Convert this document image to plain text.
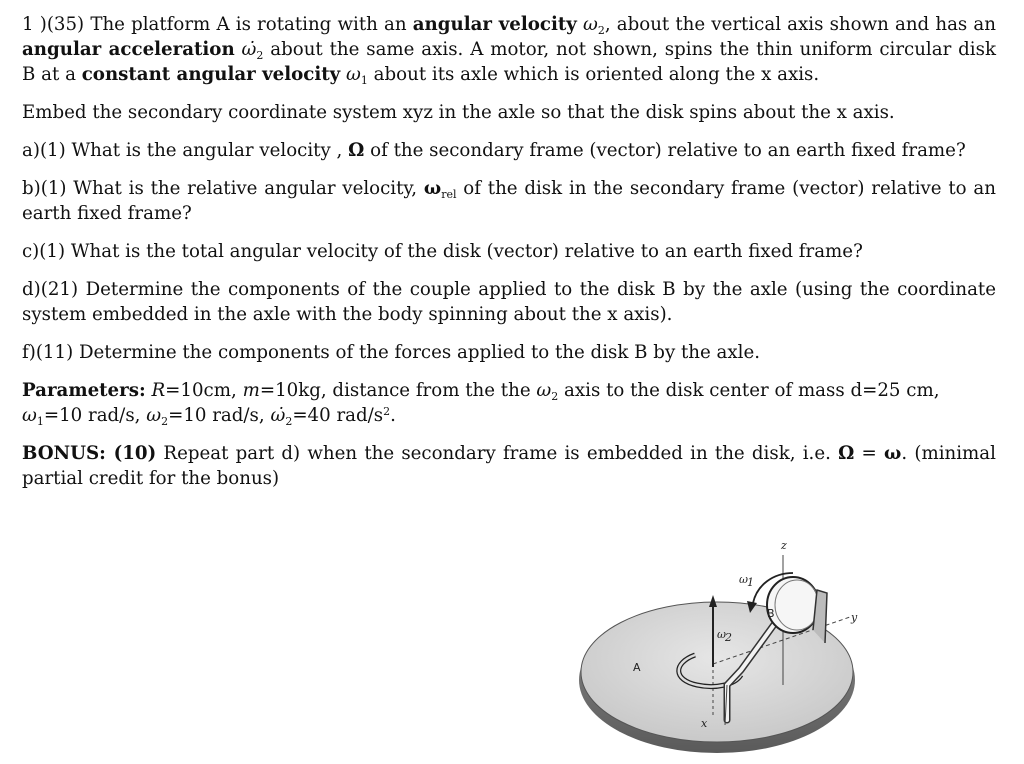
1 )(35) The platform A is rotating with an angular velocity $\omega_2$, about the vertical axis shown and has an angular acceleration $\omegȧ_2$ about the same axis. A motor, not shown, spins the thin uniform circular disk B at a constant angular velocity $\omega_1$ about its axle which is oriented along the x axis.

Embed the secondary coordinate system xyz in the axle so that the disk spins about the x axis.

a)(1) What is the angular velocity , Ω of the secondary frame (vector) relative to an earth fixed frame?

b)(1) What is the relative angular velocity, $\omega_{rel}$ of the disk in the secondary frame (vector) relative to an earth fixed frame?

c)(1) What is the total angular velocity of the disk (vector) relative to an earth fixed frame?

d)(21) Determine the components of the couple applied to the disk B by the axle (using the coordinate system embedded in the axle with the body spinning about the x axis).

f)(11) Determine the components of the forces applied to the disk B by the axle.

Parameters: R=10cm, m=10kg, distance from the the $\omega_2$ axis to the disk center of mass d=25 cm,
$\omega_1=10$ rad/s, $\omega_2=10$ rad/s, $\omegȧ_2=40$ rad/$s^2$.

BONUS: (10) Repeat part d) when the secondary frame is embedded in the disk, i.e. Ω = ω. (minimal partial credit for the bonus)

z
y
x
A
B
ω 1
ω 2
